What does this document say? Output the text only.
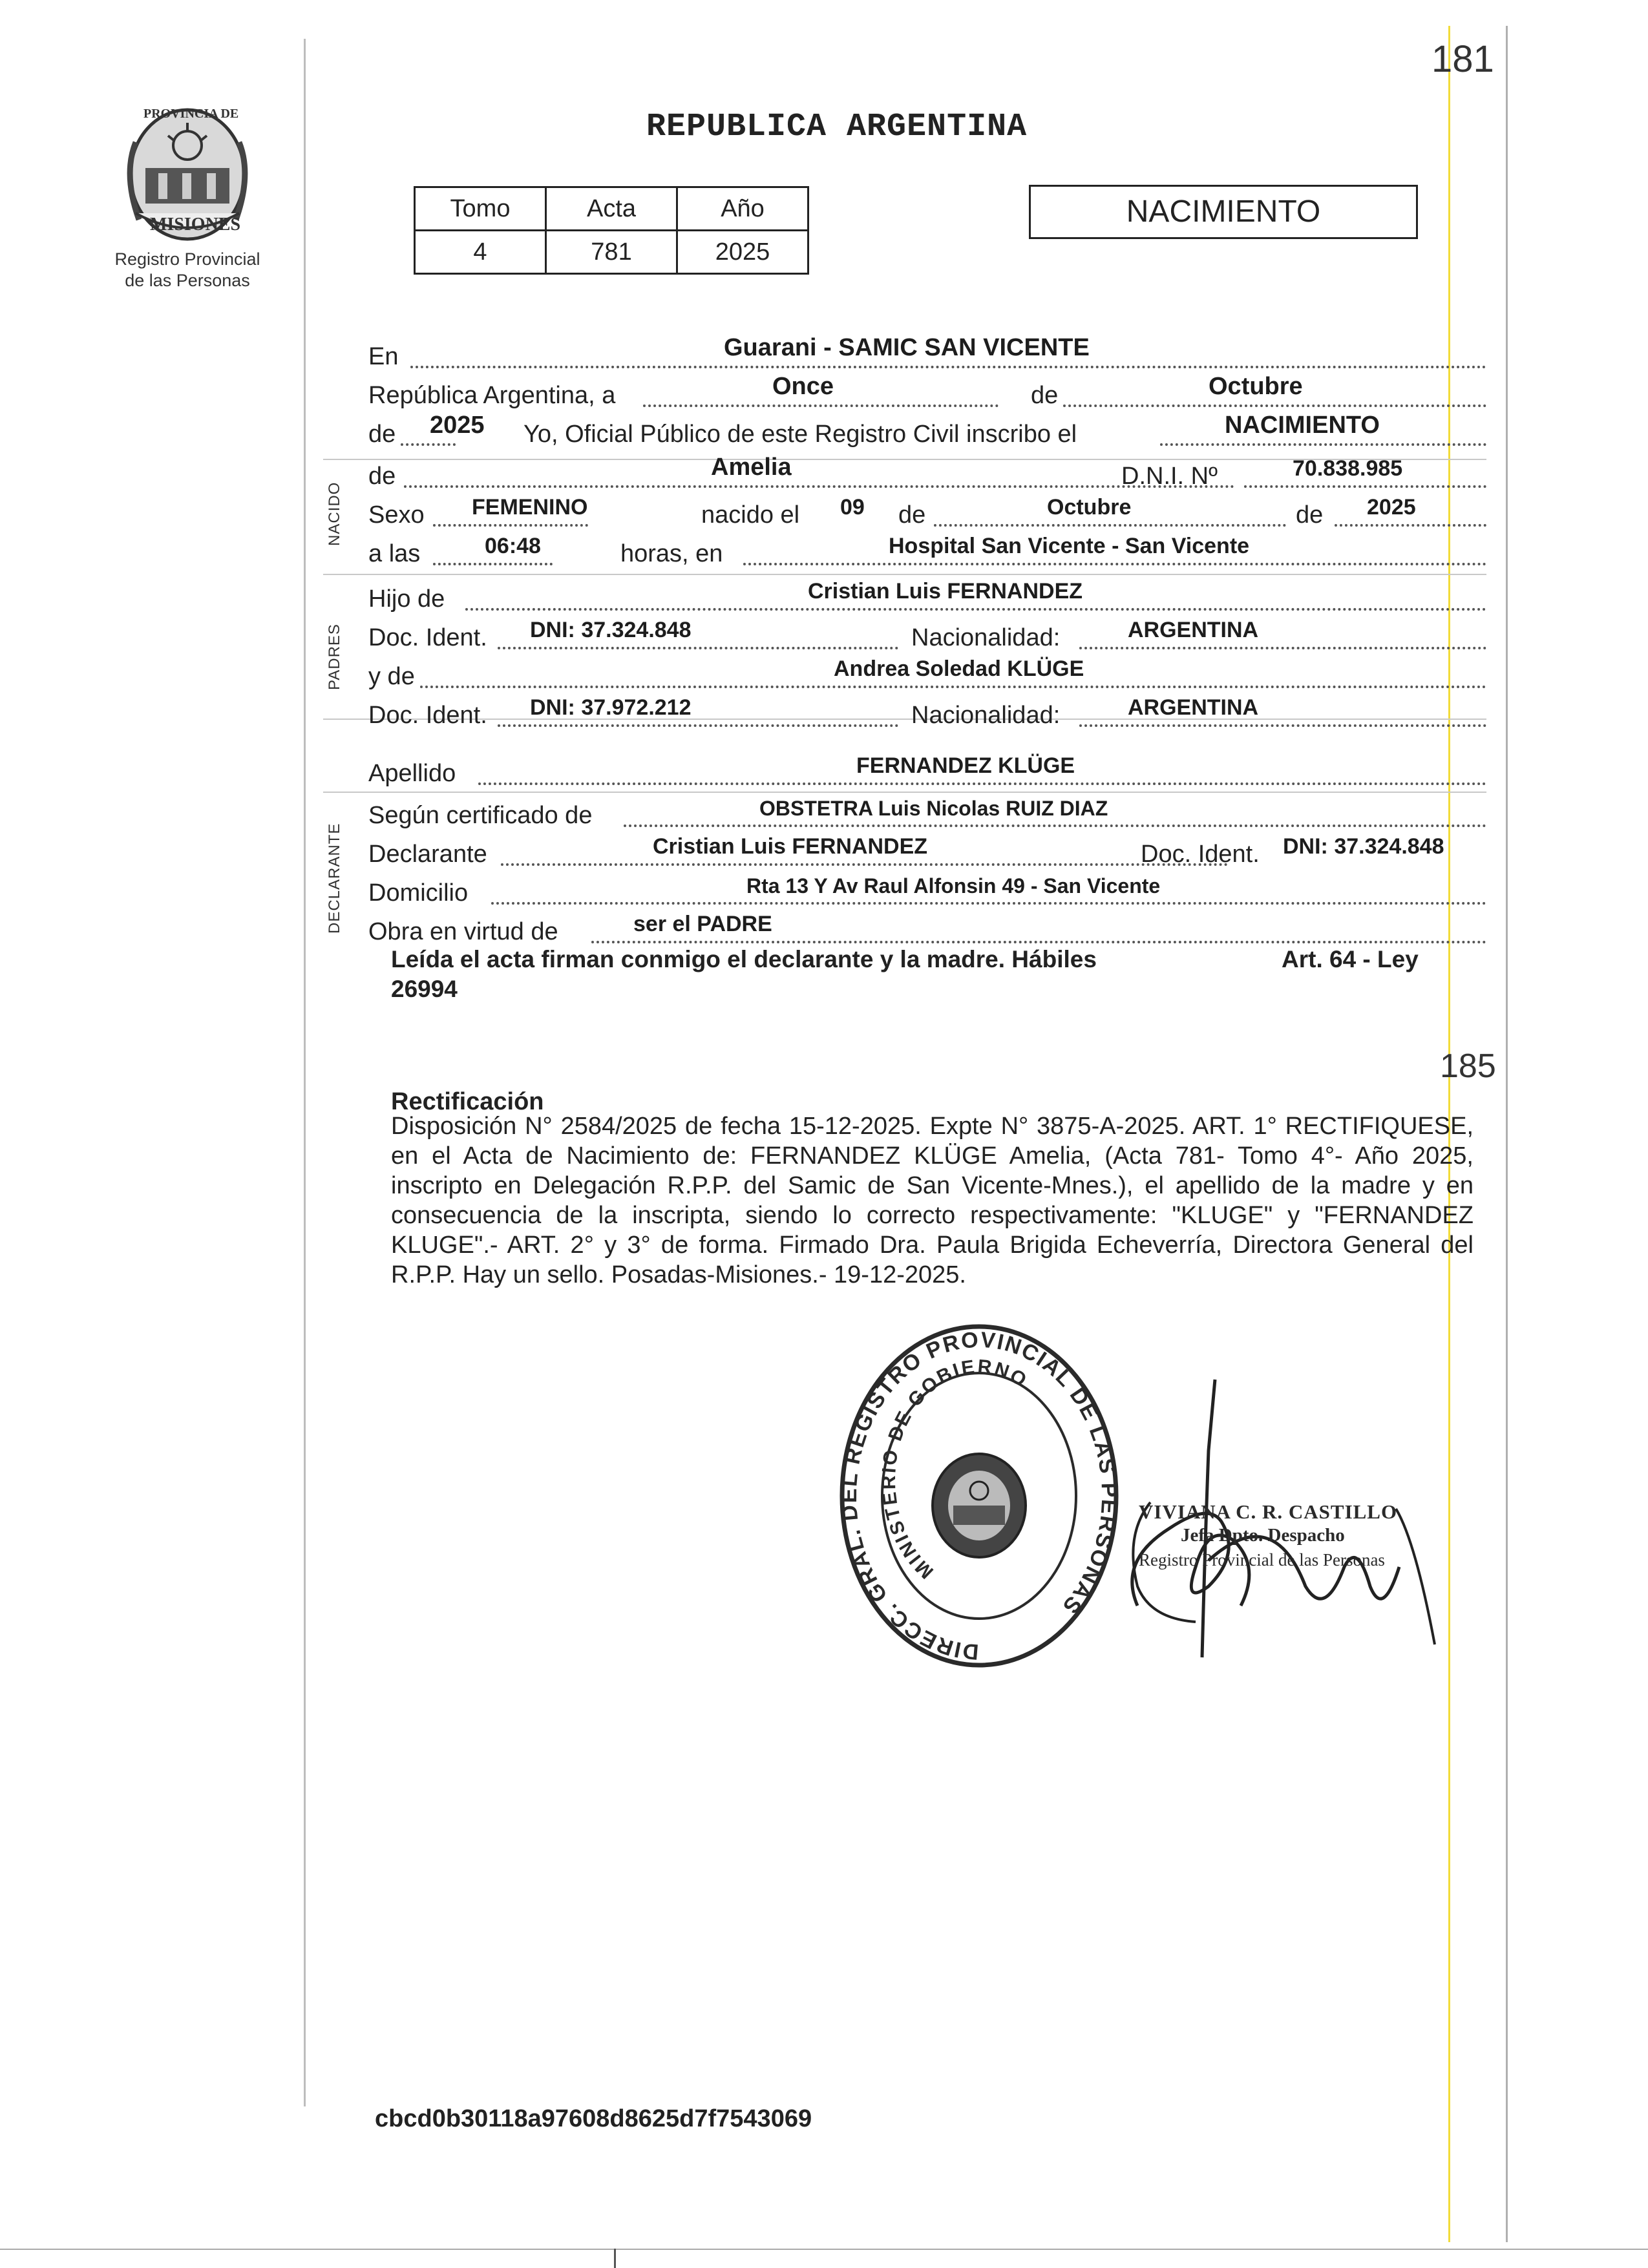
181
PROVINCIA DE
MISIONES
Registro Provincial
de las Personas
REPUBLICA ARGENTINA
Tomo	Acta	Año
4	781	2025
NACIMIENTO
NACIDO
PADRES
DECLARANTE
En	Guarani - SAMIC SAN VICENTE
República Argentina, a	Once	de	Octubre
de 2025 Yo, Oficial Público de este Registro Civil inscribo el	NACIMIENTO
de	Amelia	D.N.I. Nº	70.838.985
Sexo FEMENINO	nacido el 09 de	Octubre	de 2025
a las	06:48	horas, en	Hospital San Vicente - San Vicente
Hijo de	Cristian Luis FERNANDEZ
Doc. Ident. DNI: 37.324.848	Nacionalidad:	ARGENTINA
y de	Andrea Soledad KLÜGE
Doc. Ident. DNI: 37.972.212	Nacionalidad:	ARGENTINA
Apellido	FERNANDEZ KLÜGE
Según certificado de	OBSTETRA Luis Nicolas RUIZ DIAZ
Declarante	Cristian Luis FERNANDEZ	Doc. Ident. DNI: 37.324.848
Domicilio	Rta 13 Y Av Raul Alfonsin 49 - San Vicente
Obra en virtud de	ser el PADRE
Leída el acta firman conmigo el declarante y la madre. Hábiles	Art. 64 - Ley

26994
185
Rectificación
Disposición N° 2584/2025 de fecha 15-12-2025. Expte N° 3875-A-2025. ART. 1° RECTIFIQUESE, en el Acta de Nacimiento de: FERNANDEZ KLÜGE Amelia, (Acta 781- Tomo 4°- Año 2025, inscripto en Delegación R.P.P. del Samic de San Vicente-Mnes.), el apellido de la madre y en consecuencia de la inscripta, siendo lo correcto respectivamente: "KLUGE" y "FERNANDEZ KLUGE".- ART. 2° y 3° de forma. Firmado Dra. Paula Brigida Echeverría, Directora General del R.P.P. Hay un sello. Posadas-Misiones.- 19-12-2025.
DIRECC. GRAL. DEL REGISTRO PROVINCIAL DE LAS PERSONAS
MINISTERIO DE GOBIERNO
VIVIANA C. R. CASTILLO
Jefa Dpto. Despacho
Registro Provincial de las Personas
cbcd0b30118a97608d8625d7f7543069
